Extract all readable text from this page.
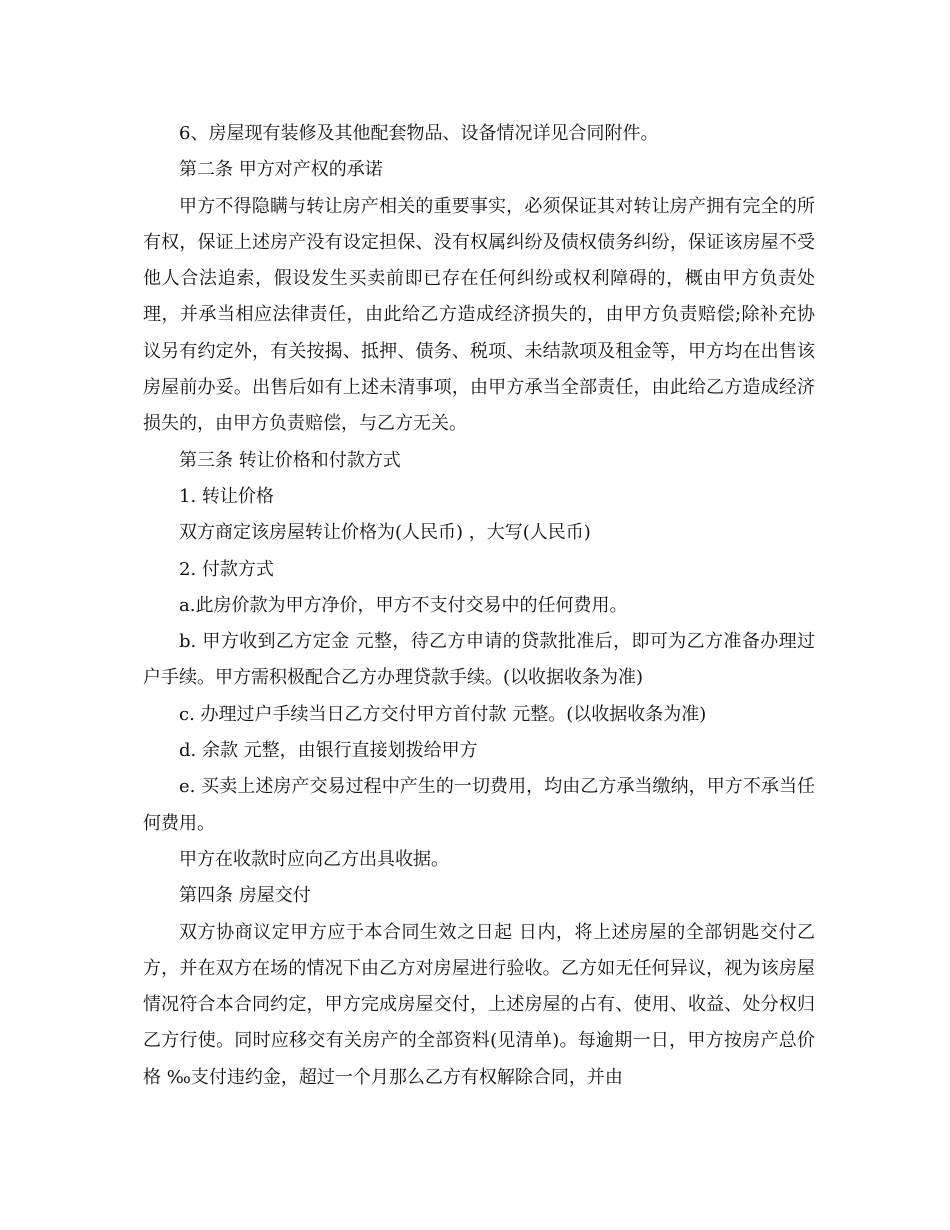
6、房屋现有装修及其他配套物品、设备情况详见合同附件。

第二条 甲方对产权的承诺

甲方不得隐瞒与转让房产相关的重要事实，必须保证其对转让房产拥有完全的所有权，保证上述房产没有设定担保、没有权属纠纷及债权债务纠纷，保证该房屋不受他人合法追索，假设发生买卖前即已存在任何纠纷或权利障碍的，概由甲方负责处理，并承当相应法律责任，由此给乙方造成经济损失的，由甲方负责赔偿;除补充协议另有约定外，有关按揭、抵押、债务、税项、未结款项及租金等，甲方均在出售该房屋前办妥。出售后如有上述未清事项，由甲方承当全部责任，由此给乙方造成经济损失的，由甲方负责赔偿，与乙方无关。

第三条 转让价格和付款方式

1. 转让价格

双方商定该房屋转让价格为(人民币) ，大写(人民币)

2. 付款方式

a.此房价款为甲方净价，甲方不支付交易中的任何费用。

b. 甲方收到乙方定金 元整，待乙方申请的贷款批准后，即可为乙方准备办理过户手续。甲方需积极配合乙方办理贷款手续。(以收据收条为准)

c. 办理过户手续当日乙方交付甲方首付款 元整。(以收据收条为准)

d. 余款 元整，由银行直接划拨给甲方

e. 买卖上述房产交易过程中产生的一切费用，均由乙方承当缴纳，甲方不承当任何费用。

甲方在收款时应向乙方出具收据。

第四条 房屋交付

双方协商议定甲方应于本合同生效之日起 日内，将上述房屋的全部钥匙交付乙方，并在双方在场的情况下由乙方对房屋进行验收。乙方如无任何异议，视为该房屋情况符合本合同约定，甲方完成房屋交付，上述房屋的占有、使用、收益、处分权归乙方行使。同时应移交有关房产的全部资料(见清单)。每逾期一日，甲方按房产总价格 ‰支付违约金，超过一个月那么乙方有权解除合同，并由
